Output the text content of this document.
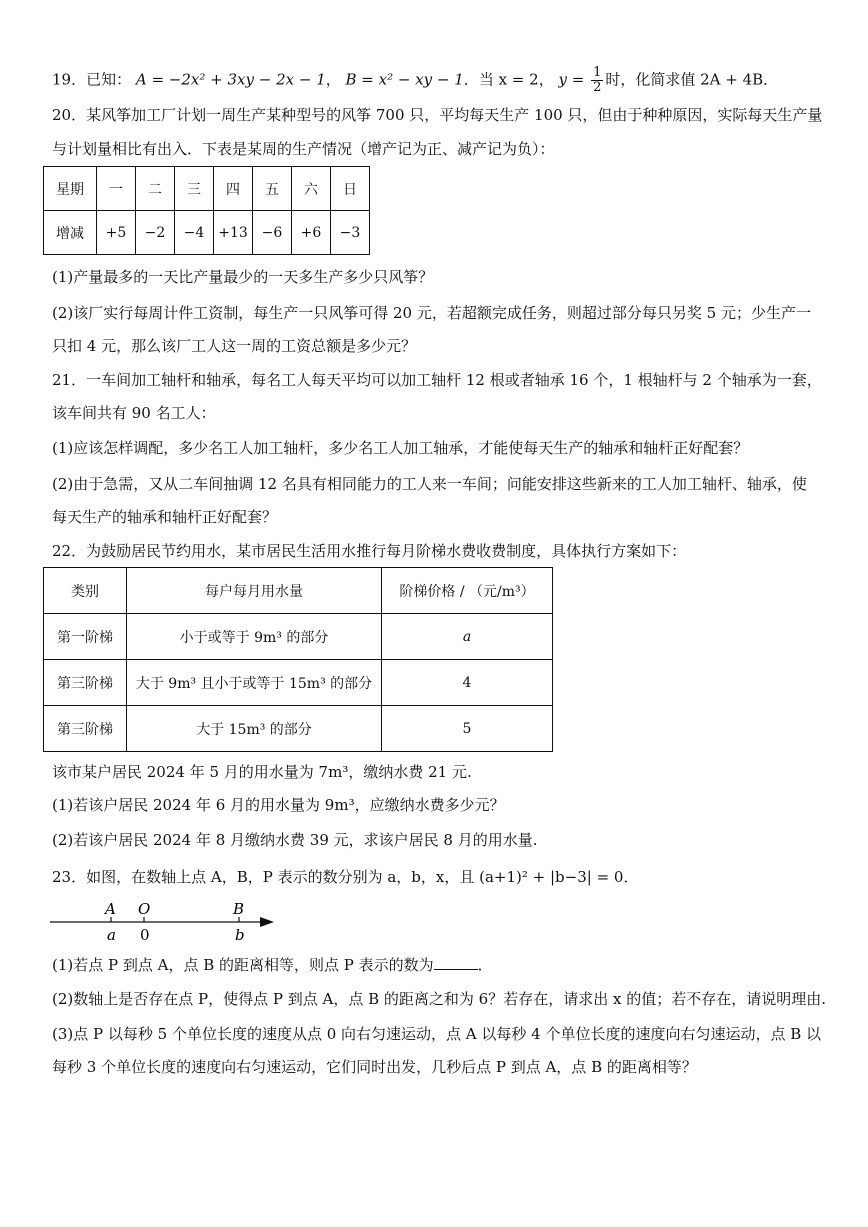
19．已知： A = −2x² + 3xy − 2x − 1， B = x² − xy − 1．当 x = 2， $y = \frac{1}{2}$ 时，化简求值 2A + 4B．
20．某风筝加工厂计划一周生产某种型号的风筝 700 只，平均每天生产 100 只，但由于种种原因，实际每天生产量
与计划量相比有出入．下表是某周的生产情况（增产记为正、减产记为负）：
星期	一	二	三	四	五	六	日
增减	+5	−2	−4	+13	−6	+6	−3
(1)产量最多的一天比产量最少的一天多生产多少只风筝？
(2)该厂实行每周计件工资制，每生产一只风筝可得 20 元，若超额完成任务，则超过部分每只另奖 5 元；少生产一
只扣 4 元，那么该厂工人这一周的工资总额是多少元？
21．一车间加工轴杆和轴承，每名工人每天平均可以加工轴杆 12 根或者轴承 16 个，1 根轴杆与 2 个轴承为一套，
该车间共有 90 名工人：
(1)应该怎样调配，多少名工人加工轴杆，多少名工人加工轴承，才能使每天生产的轴承和轴杆正好配套？
(2)由于急需，又从二车间抽调 12 名具有相同能力的工人来一车间；问能安排这些新来的工人加工轴杆、轴承，使
每天生产的轴承和轴杆正好配套？
22．为鼓励居民节约用水，某市居民生活用水推行每月阶梯水费收费制度，具体执行方案如下：
类别	每户每月用水量	阶梯价格 / （元/m³）
第一阶梯	小于或等于 9m³ 的部分	a
第三阶梯	大于 9m³ 且小于或等于 15m³ 的部分	4
第三阶梯	大于 15m³ 的部分	5
该市某户居民 2024 年 5 月的用水量为 7m³，缴纳水费 21 元.
(1)若该户居民 2024 年 6 月的用水量为 9m³，应缴纳水费多少元？
(2)若该户居民 2024 年 8 月缴纳水费 39 元，求该户居民 8 月的用水量.
23．如图，在数轴上点 A，B，P 表示的数分别为 a，b，x，且 (a+1)² + |b−3| = 0．
A O	B
a 0	b
(1)若点 P 到点 A，点 B 的距离相等，则点 P 表示的数为	．
(2)数轴上是否存在点 P，使得点 P 到点 A，点 B 的距离之和为 6？若存在，请求出 x 的值；若不存在，请说明理由.
(3)点 P 以每秒 5 个单位长度的速度从点 0 向右匀速运动，点 A 以每秒 4 个单位长度的速度向右匀速运动，点 B 以
每秒 3 个单位长度的速度向右匀速运动，它们同时出发，几秒后点 P 到点 A，点 B 的距离相等？
